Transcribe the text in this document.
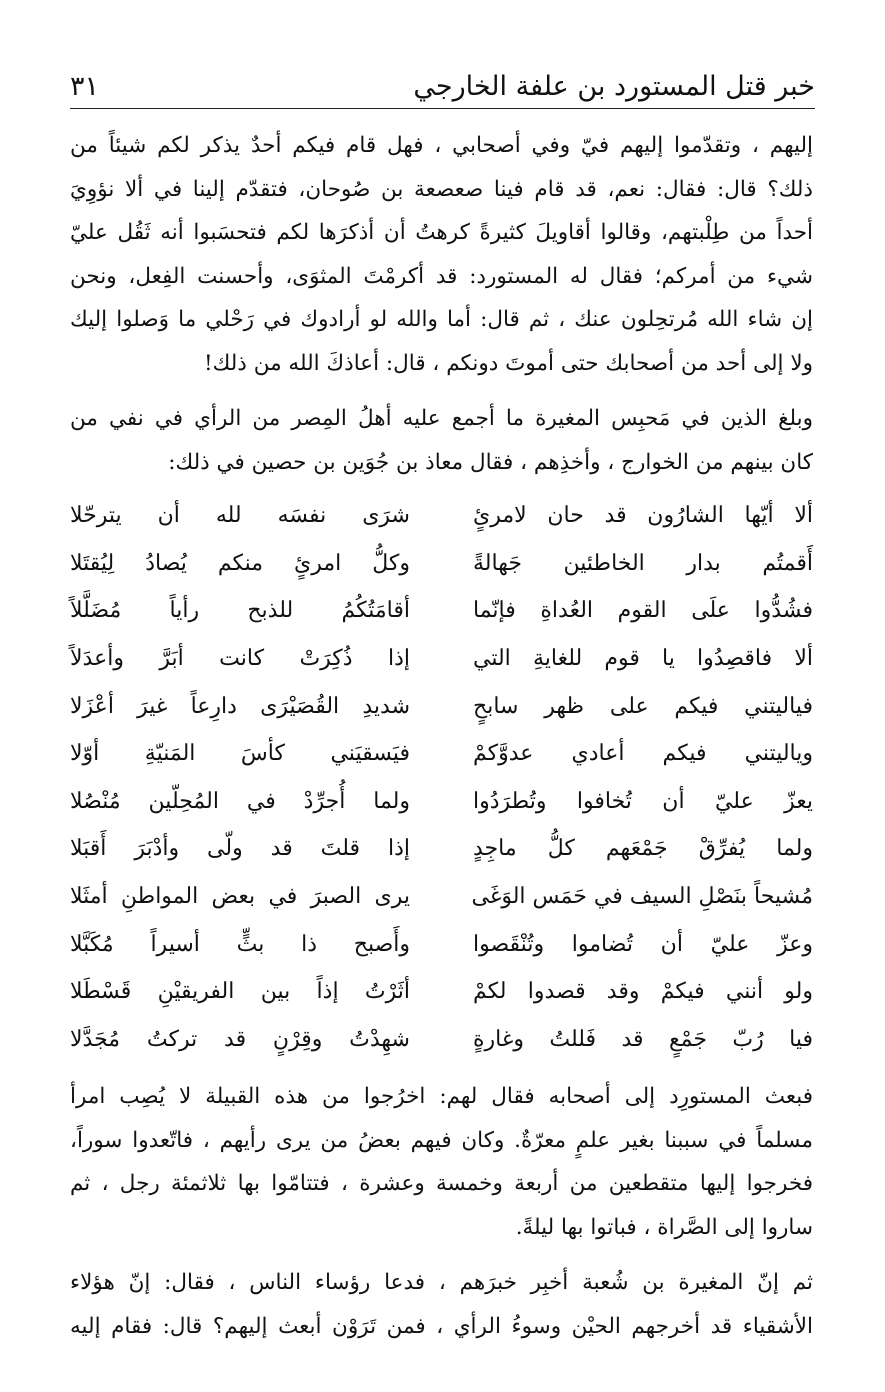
خبر قتل المستورد بن علفة الخارجي
٣١

إليهم ، وتقدّموا إليهم فيّ وفي أصحابي ، فهل قام فيكم أحدٌ يذكر لكم شيئاً من
ذلك؟ قال: فقال: نعم، قد قام فينا صعصعة بن صُوحان، فتقدّم إلينا في ألا نؤوِيَ
أحداً من طِلْبتهم، وقالوا أقاويلَ كثيرةً كرهتُ أن أذكرَها لكم فتحسَبوا أنه ثَقُل عليّ
شيء من أمركم؛ فقال له المستورد: قد أكرمْتَ المثوَى، وأحسنت الفِعل، ونحن
إن شاء الله مُرتحِلون عنك ، ثم قال: أما والله لو أرادوك في رَحْلي ما وَصلوا إليك
ولا إلى أحد من أصحابك حتى أموتَ دونكم ، قال: أعاذكَ الله من ذلك!

وبلغ الذين في مَحبِس المغيرة ما أجمع عليه أهلُ المِصر من الرأي في نفي من
كان بينهم من الخوارج ، وأخذِهم ، فقال معاذ بن جُوَين بن حصين في ذلك:

ألا أيّها الشارُون قد حان لامرئٍ
شرَى نفسَه لله أن يترحّلا
أَقمتُم بدار الخاطئين جَهالةً
وكلُّ امرئٍ منكم يُصادُ لِيُقتَلا
فشُدُّوا علَى القوم العُداةِ فإنّما
أقامَتُكُمُ للذبح رأياً مُضَلَّلاً
ألا فاقصِدُوا يا قوم للغايةِ التي
إذا ذُكِرَتْ كانت أبَرَّ وأعدَلاً
فياليتني فيكم على ظهر سابحٍ
شديدِ القُصَيْرَى دارِعاً غيرَ أعْزَلا
وياليتني فيكم أعادي عدوَّكمْ
فيَسقيَني كأسَ المَنيّةِ أوّلا
يعزّ عليّ أن تُخافوا وتُطرَدُوا
ولما أُجرِّدْ في المُحِلّين مُنْصُلا
ولما يُفرِّقْ جَمْعَهم كلُّ ماجِدٍ
إذا قلتَ قد ولّى وأدْبَرَ أَقبَلا
مُشيحاً بنَصْلِ السيف في حَمَس الوَغَى
يرى الصبرَ في بعض المواطنِ أمثَلا
وعزّ عليّ أن تُضاموا وتُنْقَصوا
وأَصبح ذا بثٍّ أسيراً مُكَبَّلا
ولو أنني فيكمْ وقد قصدوا لكمْ
أثَرْتُ إذاً بين الفريقيْنِ قَسْطَلا
فيا رُبّ جَمْعٍ قد فَللتُ وغارةٍ
شهِدْتُ وقِرْنٍ قد تركتُ مُجَدَّلا

فبعث المستورِد إلى أصحابه فقال لهم: اخرُجوا من هذه القبيلة لا يُصِب امرأ
مسلماً في سببنا بغير علمٍ معرّةٌ. وكان فيهم بعضُ من يرى رأيهم ، فاتّعدوا سوراً،
فخرجوا إليها متقطعين من أربعة وخمسة وعشرة ، فتتامّوا بها ثلاثمئة رجل ، ثم
ساروا إلى الصَّراة ، فباتوا بها ليلةً.

ثم إنّ المغيرة بن شُعبة أخبِر خبرَهم ، فدعا رؤساء الناس ، فقال: إنّ هؤلاء
الأشقياء قد أخرجهم الحيْن وسوءُ الرأي ، فمن تَرَوْن أبعث إليهم؟ قال: فقام إليه
